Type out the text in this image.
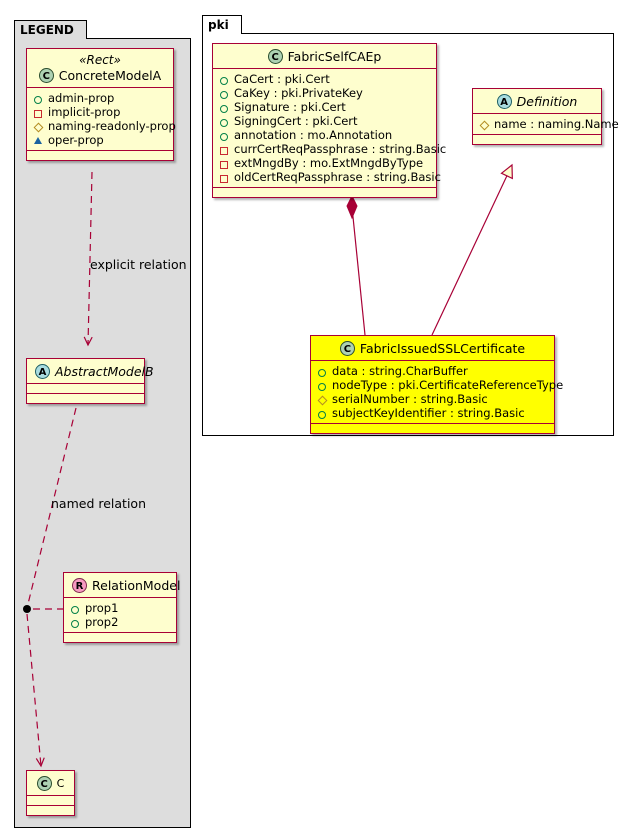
LEGEND	pki
explicit relation
named relation
«Rect»
C ConcreteModelA
admin-prop
implicit-prop
naming-readonly-prop
oper-prop
A AbstractModelB
R RelationModel
prop1
prop2
C C
C FabricSelfCAEp
CaCert : pki.Cert
CaKey : pki.PrivateKey
Signature : pki.Cert
SigningCert : pki.Cert
annotation : mo.Annotation
currCertReqPassphrase : string.Basic
extMngdBy : mo.ExtMngdByType
oldCertReqPassphrase : string.Basic
A Definition
name : naming.Name
C FabricIssuedSSLCertificate
data : string.CharBuffer
nodeType : pki.CertificateReferenceType
serialNumber : string.Basic
subjectKeyIdentifier : string.Basic
